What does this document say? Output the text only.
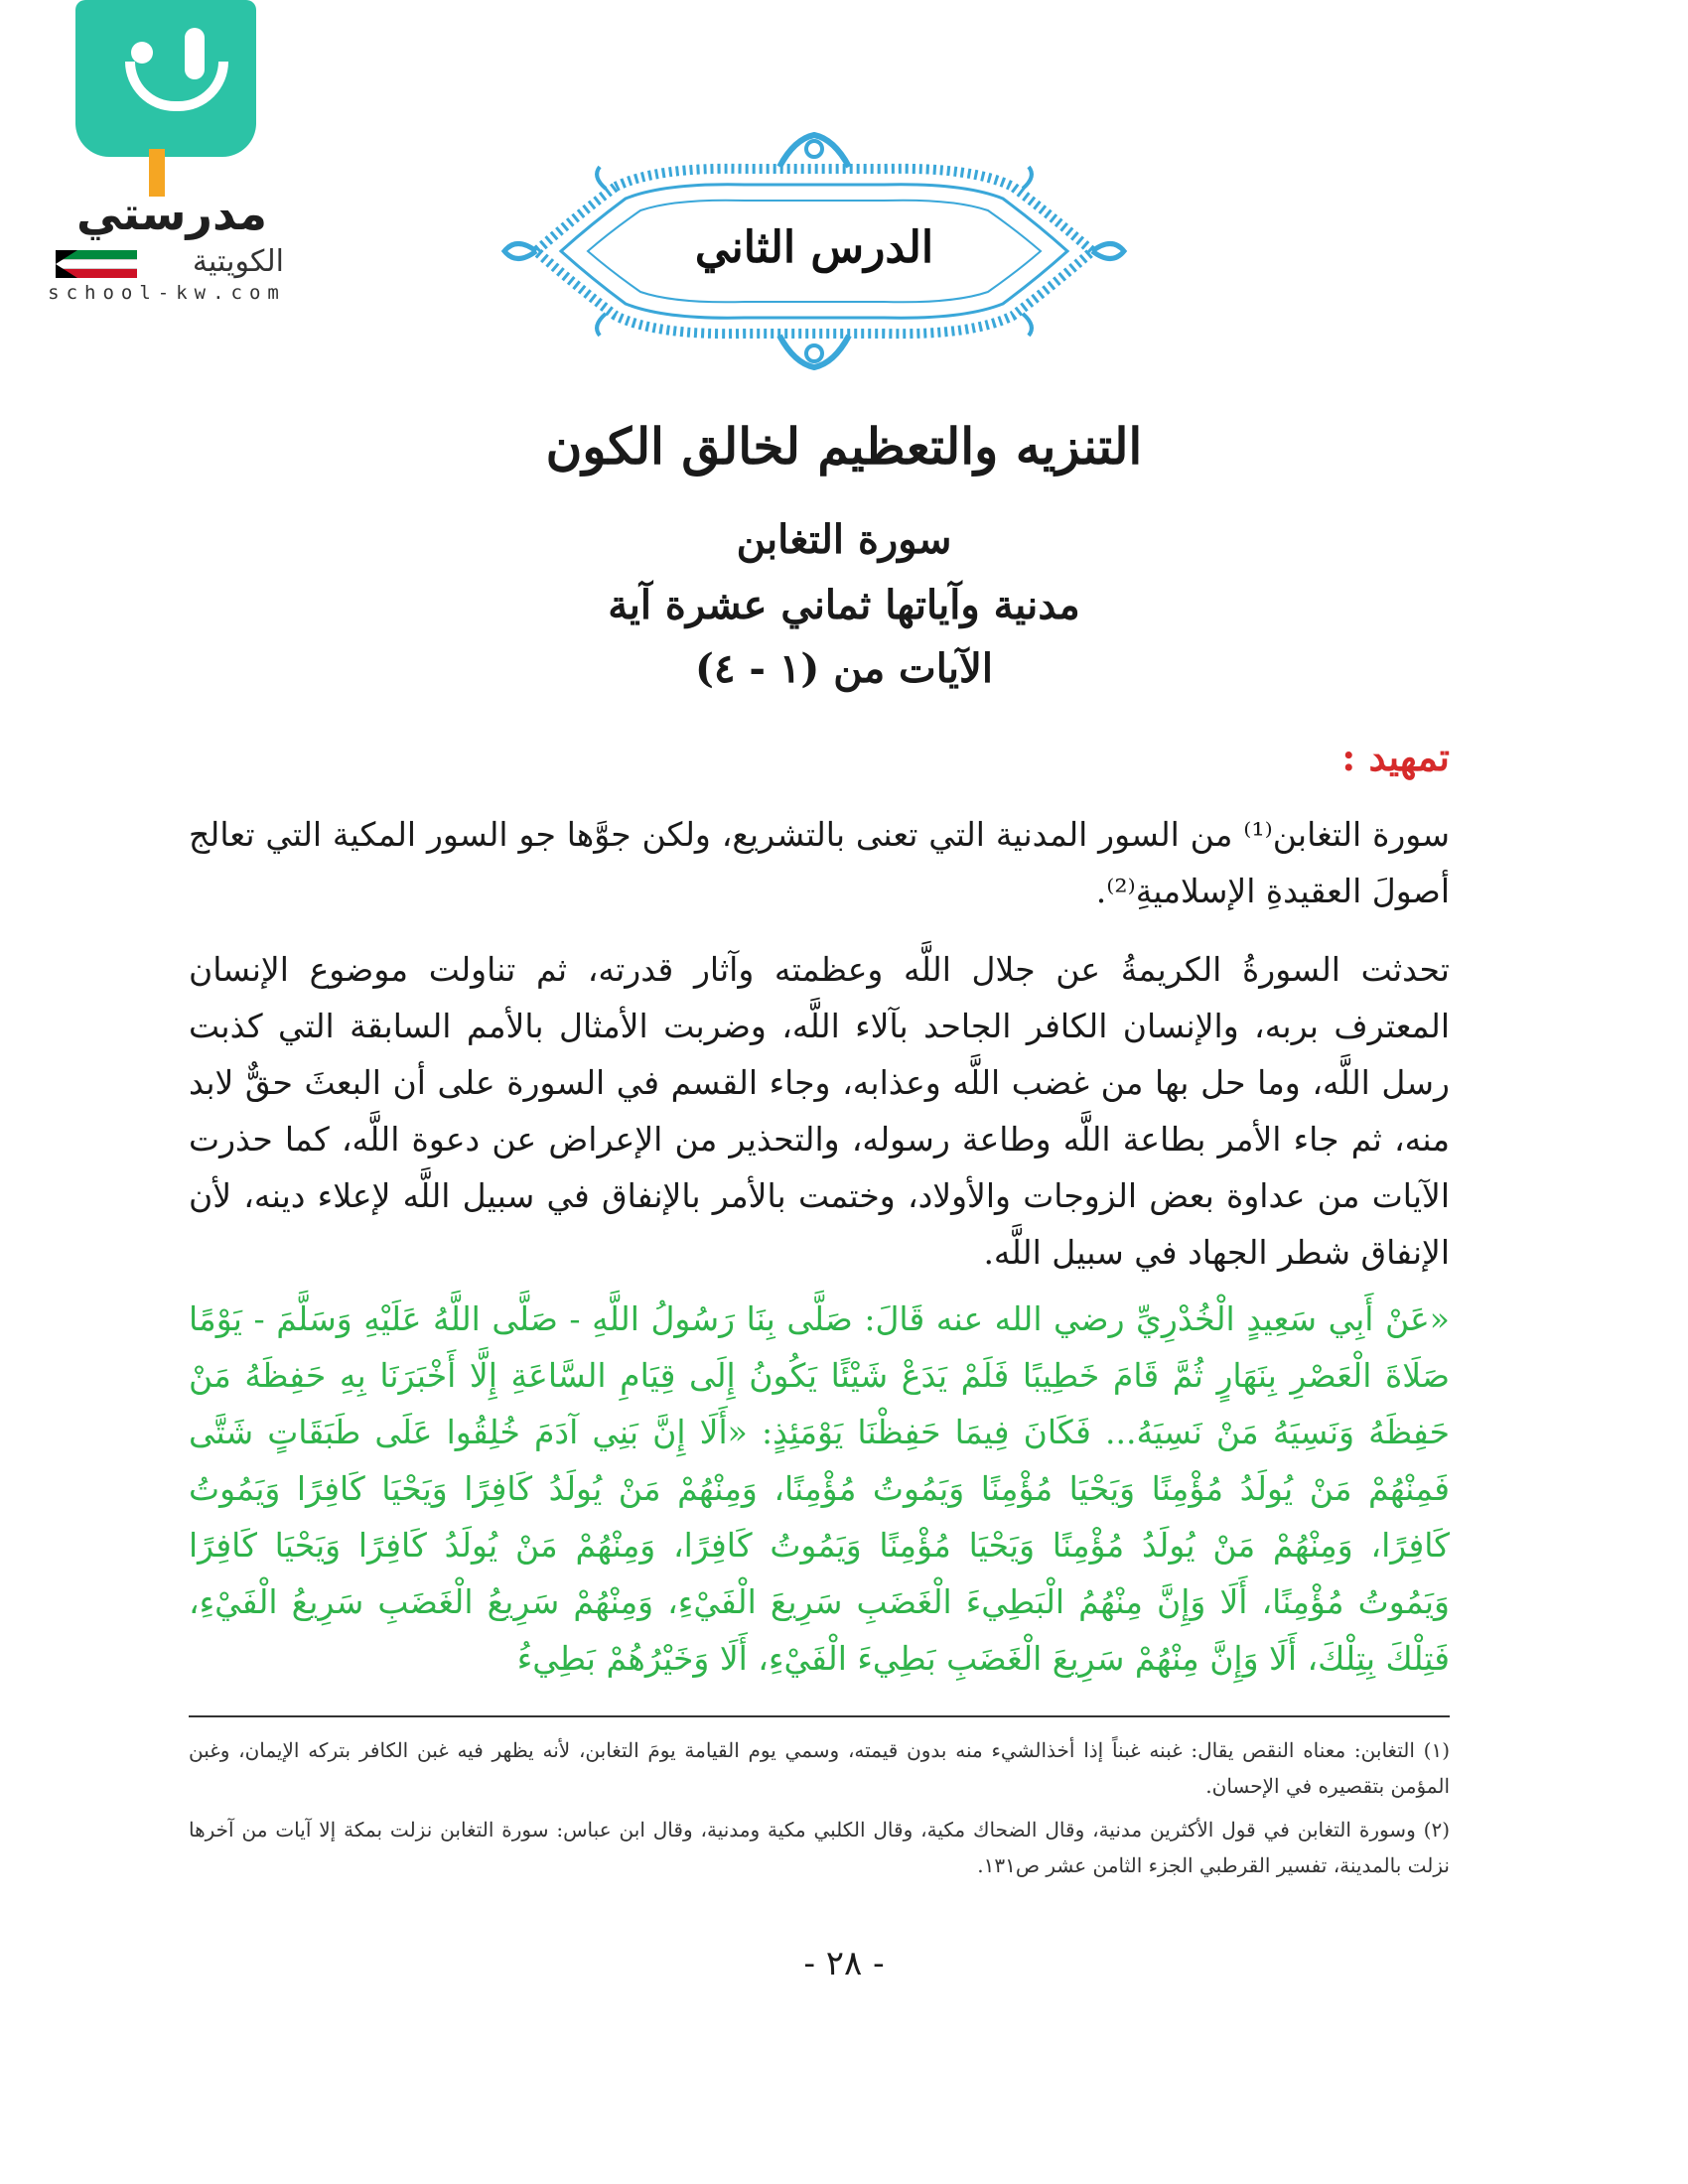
مدرستي
الكويتية
school-kw.com
الدرس الثاني
التنزيه والتعظيم لخالق الكون
سورة التغابن
مدنية وآياتها ثماني عشرة آية
الآيات من (١ - ٤)
تمهيد :
سورة التغابن⁽¹⁾ من السور المدنية التي تعنى بالتشريع، ولكن جوَّها جو السور المكية التي تعالج أصولَ العقيدةِ الإسلاميةِ⁽²⁾.
تحدثت السورةُ الكريمةُ عن جلال اللَّه وعظمته وآثار قدرته، ثم تناولت موضوع الإنسان المعترف بربه، والإنسان الكافر الجاحد بآلاء اللَّه، وضربت الأمثال بالأمم السابقة التي كذبت رسل اللَّه، وما حل بها من غضب اللَّه وعذابه، وجاء القسم في السورة على أن البعثَ حقٌّ لابد منه، ثم جاء الأمر بطاعة اللَّه وطاعة رسوله، والتحذير من الإعراض عن دعوة اللَّه، كما حذرت الآيات من عداوة بعض الزوجات والأولاد، وختمت بالأمر بالإنفاق في سبيل اللَّه لإعلاء دينه، لأن الإنفاق شطر الجهاد في سبيل اللَّه.
«عَنْ أَبِي سَعِيدٍ الْخُدْرِيِّ رضي الله عنه قَالَ: صَلَّى بِنَا رَسُولُ اللَّهِ - صَلَّى اللَّهُ عَلَيْهِ وَسَلَّمَ - يَوْمًا صَلَاةَ الْعَصْرِ بِنَهَارٍ ثُمَّ قَامَ خَطِيبًا فَلَمْ يَدَعْ شَيْئًا يَكُونُ إِلَى قِيَامِ السَّاعَةِ إِلَّا أَخْبَرَنَا بِهِ حَفِظَهُ مَنْ حَفِظَهُ وَنَسِيَهُ مَنْ نَسِيَهُ... فَكَانَ فِيمَا حَفِظْنَا يَوْمَئِذٍ: «أَلَا إِنَّ بَنِي آدَمَ خُلِقُوا عَلَى طَبَقَاتٍ شَتَّى فَمِنْهُمْ مَنْ يُولَدُ مُؤْمِنًا وَيَحْيَا مُؤْمِنًا وَيَمُوتُ مُؤْمِنًا، وَمِنْهُمْ مَنْ يُولَدُ كَافِرًا وَيَحْيَا كَافِرًا وَيَمُوتُ كَافِرًا، وَمِنْهُمْ مَنْ يُولَدُ مُؤْمِنًا وَيَحْيَا مُؤْمِنًا وَيَمُوتُ كَافِرًا، وَمِنْهُمْ مَنْ يُولَدُ كَافِرًا وَيَحْيَا كَافِرًا وَيَمُوتُ مُؤْمِنًا، أَلَا وَإِنَّ مِنْهُمُ الْبَطِيءَ الْغَضَبِ سَرِيعَ الْفَيْءِ، وَمِنْهُمْ سَرِيعُ الْغَضَبِ سَرِيعُ الْفَيْءِ، فَتِلْكَ بِتِلْكَ، أَلَا وَإِنَّ مِنْهُمْ سَرِيعَ الْغَضَبِ بَطِيءَ الْفَيْءِ، أَلَا وَخَيْرُهُمْ بَطِيءُ
(١) التغابن: معناه النقص يقال: غبنه غبناً إذا أخذالشيء منه بدون قيمته، وسمي يوم القيامة يومَ التغابن، لأنه يظهر فيه غبن الكافر بتركه الإيمان، وغبن المؤمن بتقصيره في الإحسان.
(٢) وسورة التغابن في قول الأكثرين مدنية، وقال الضحاك مكية، وقال الكلبي مكية ومدنية، وقال ابن عباس: سورة التغابن نزلت بمكة إلا آيات من آخرها نزلت بالمدينة، تفسير القرطبي الجزء الثامن عشر ص١٣١.
- ٢٨ -
